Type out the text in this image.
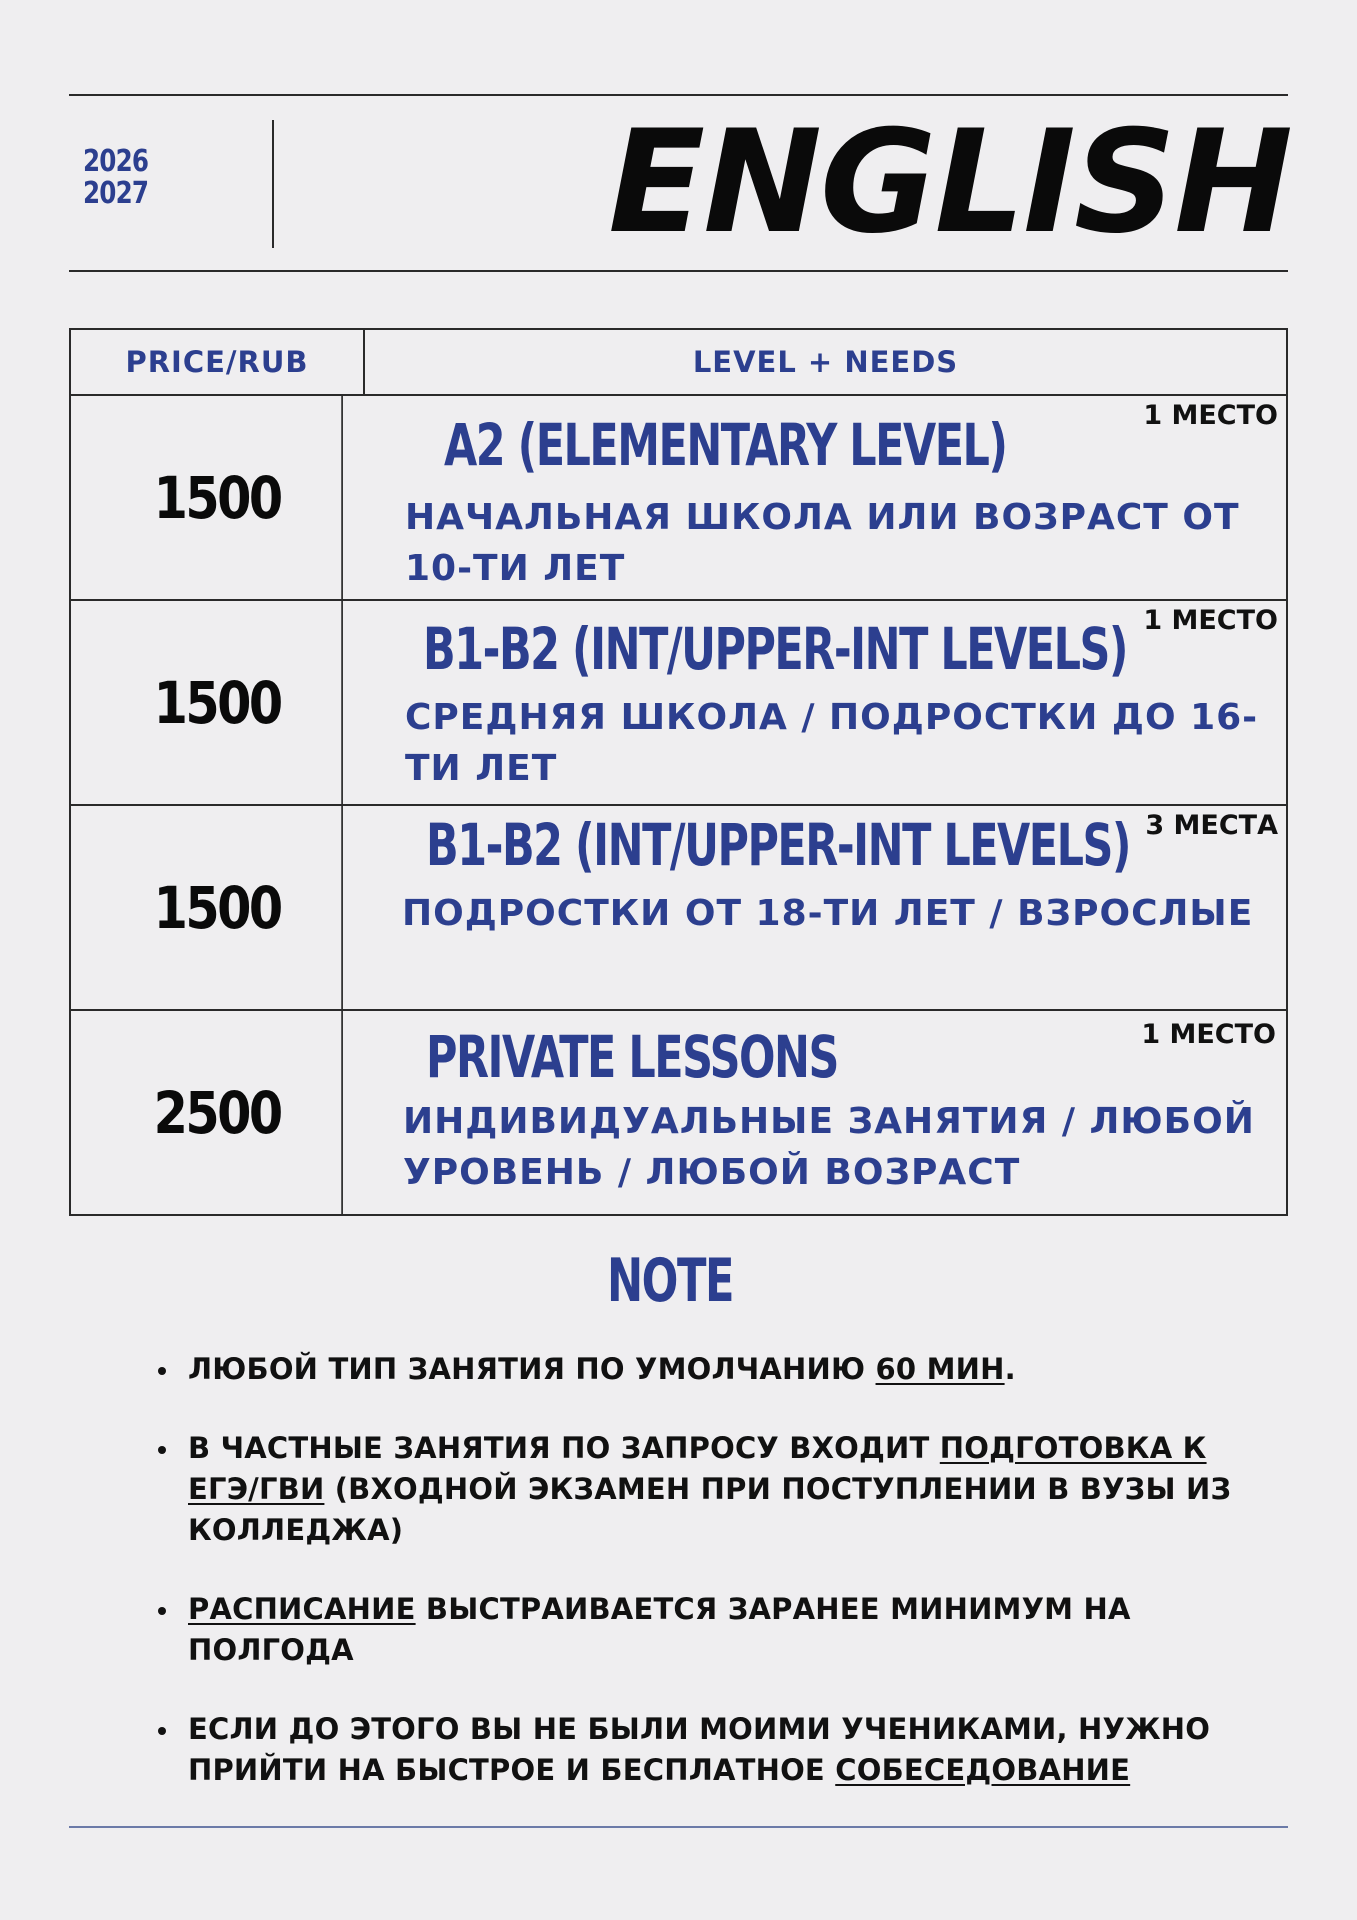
2026
2027	ENGLISH
PRICE/RUB	LEVEL + NEEDS
1500
1 МЕСТО
A2 (ELEMENTARY LEVEL)
НАЧАЛЬНАЯ ШКОЛА ИЛИ ВОЗРАСТ ОТ 10-ТИ ЛЕТ
1500
1 МЕСТО
B1-B2 (INT/UPPER-INT LEVELS)
СРЕДНЯЯ ШКОЛА / ПОДРОСТКИ ДО 16-ТИ ЛЕТ
1500
3 МЕСТА
B1-B2 (INT/UPPER-INT LEVELS)
ПОДРОСТКИ ОТ 18-ТИ ЛЕТ / ВЗРОСЛЫЕ
2500
1 МЕСТО
PRIVATE LESSONS
ИНДИВИДУАЛЬНЫЕ ЗАНЯТИЯ / ЛЮБОЙ УРОВЕНЬ / ЛЮБОЙ ВОЗРАСТ
NOTE
ЛЮБОЙ ТИП ЗАНЯТИЯ ПО УМОЛЧАНИЮ 60 МИН.
В ЧАСТНЫЕ ЗАНЯТИЯ ПО ЗАПРОСУ ВХОДИТ ПОДГОТОВКА К ЕГЭ/ГВИ (ВХОДНОЙ ЭКЗАМЕН ПРИ ПОСТУПЛЕНИИ В ВУЗЫ ИЗ КОЛЛЕДЖА)
РАСПИСАНИЕ ВЫСТРАИВАЕТСЯ ЗАРАНЕЕ МИНИМУМ НА ПОЛГОДА
ЕСЛИ ДО ЭТОГО ВЫ НЕ БЫЛИ МОИМИ УЧЕНИКАМИ, НУЖНО ПРИЙТИ НА БЫСТРОЕ И БЕСПЛАТНОЕ СОБЕСЕДОВАНИЕ
